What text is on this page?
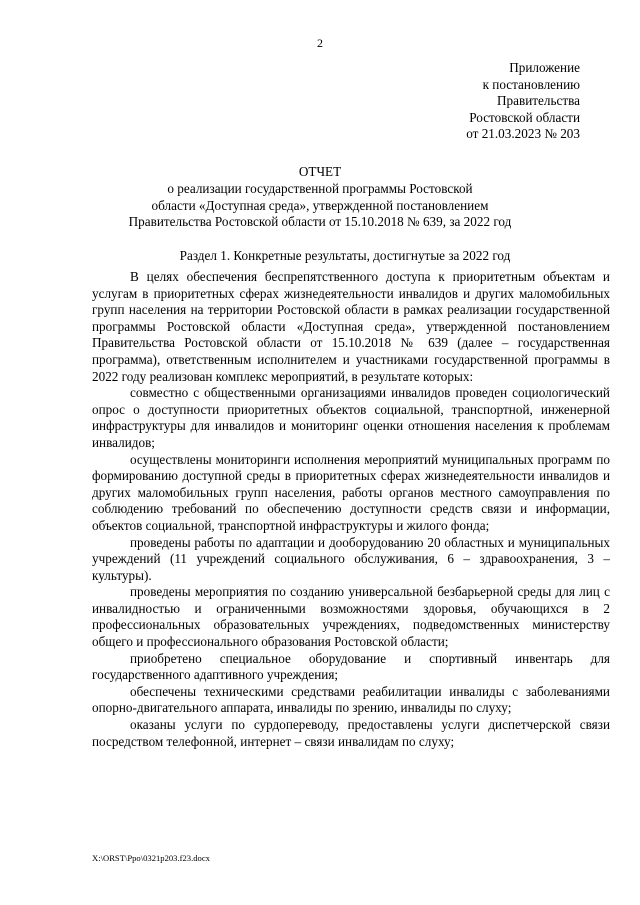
2
Приложение
к постановлению
Правительства
Ростовской области
от 21.03.2023 № 203
ОТЧЕТ
о реализации государственной программы Ростовской
области «Доступная среда», утвержденной постановлением
Правительства Ростовской области от 15.10.2018 № 639, за 2022 год
Раздел 1. Конкретные результаты, достигнутые за 2022 год

В целях обеспечения беспрепятственного доступа к приоритетным объектам и услугам в приоритетных сферах жизнедеятельности инвалидов и других маломобильных групп населения на территории Ростовской области в рамках реализации государственной программы Ростовской области «Доступная среда», утвержденной постановлением Правительства Ростовской области от 15.10.2018 № 639 (далее – государственная программа), ответственным исполнителем и участниками государственной программы в 2022 году реализован комплекс мероприятий, в результате которых:

совместно с общественными организациями инвалидов проведен социологический опрос о доступности приоритетных объектов социальной, транспортной, инженерной инфраструктуры для инвалидов и мониторинг оценки отношения населения к проблемам инвалидов;

осуществлены мониторинги исполнения мероприятий муниципальных программ по формированию доступной среды в приоритетных сферах жизнедеятельности инвалидов и других маломобильных групп населения, работы органов местного самоуправления по соблюдению требований по обеспечению доступности средств связи и информации, объектов социальной, транспортной инфраструктуры и жилого фонда;

проведены работы по адаптации и дооборудованию 20 областных и муниципальных учреждений (11 учреждений социального обслуживания, 6 – здравоохранения, 3 – культуры).

проведены мероприятия по созданию универсальной безбарьерной среды для лиц с инвалидностью и ограниченными возможностями здоровья, обучающихся в 2 профессиональных образовательных учреждениях, подведомственных министерству общего и профессионального образования Ростовской области;

приобретено специальное оборудование и спортивный инвентарь для государственного адаптивного учреждения;

обеспечены техническими средствами реабилитации инвалиды с заболеваниями опорно-двигательного аппарата, инвалиды по зрению, инвалиды по слуху;

оказаны услуги по сурдопереводу, предоставлены услуги диспетчерской связи посредством телефонной, интернет – связи инвалидам по слуху;

X:\ORST\Ppo\0321p203.f23.docx
